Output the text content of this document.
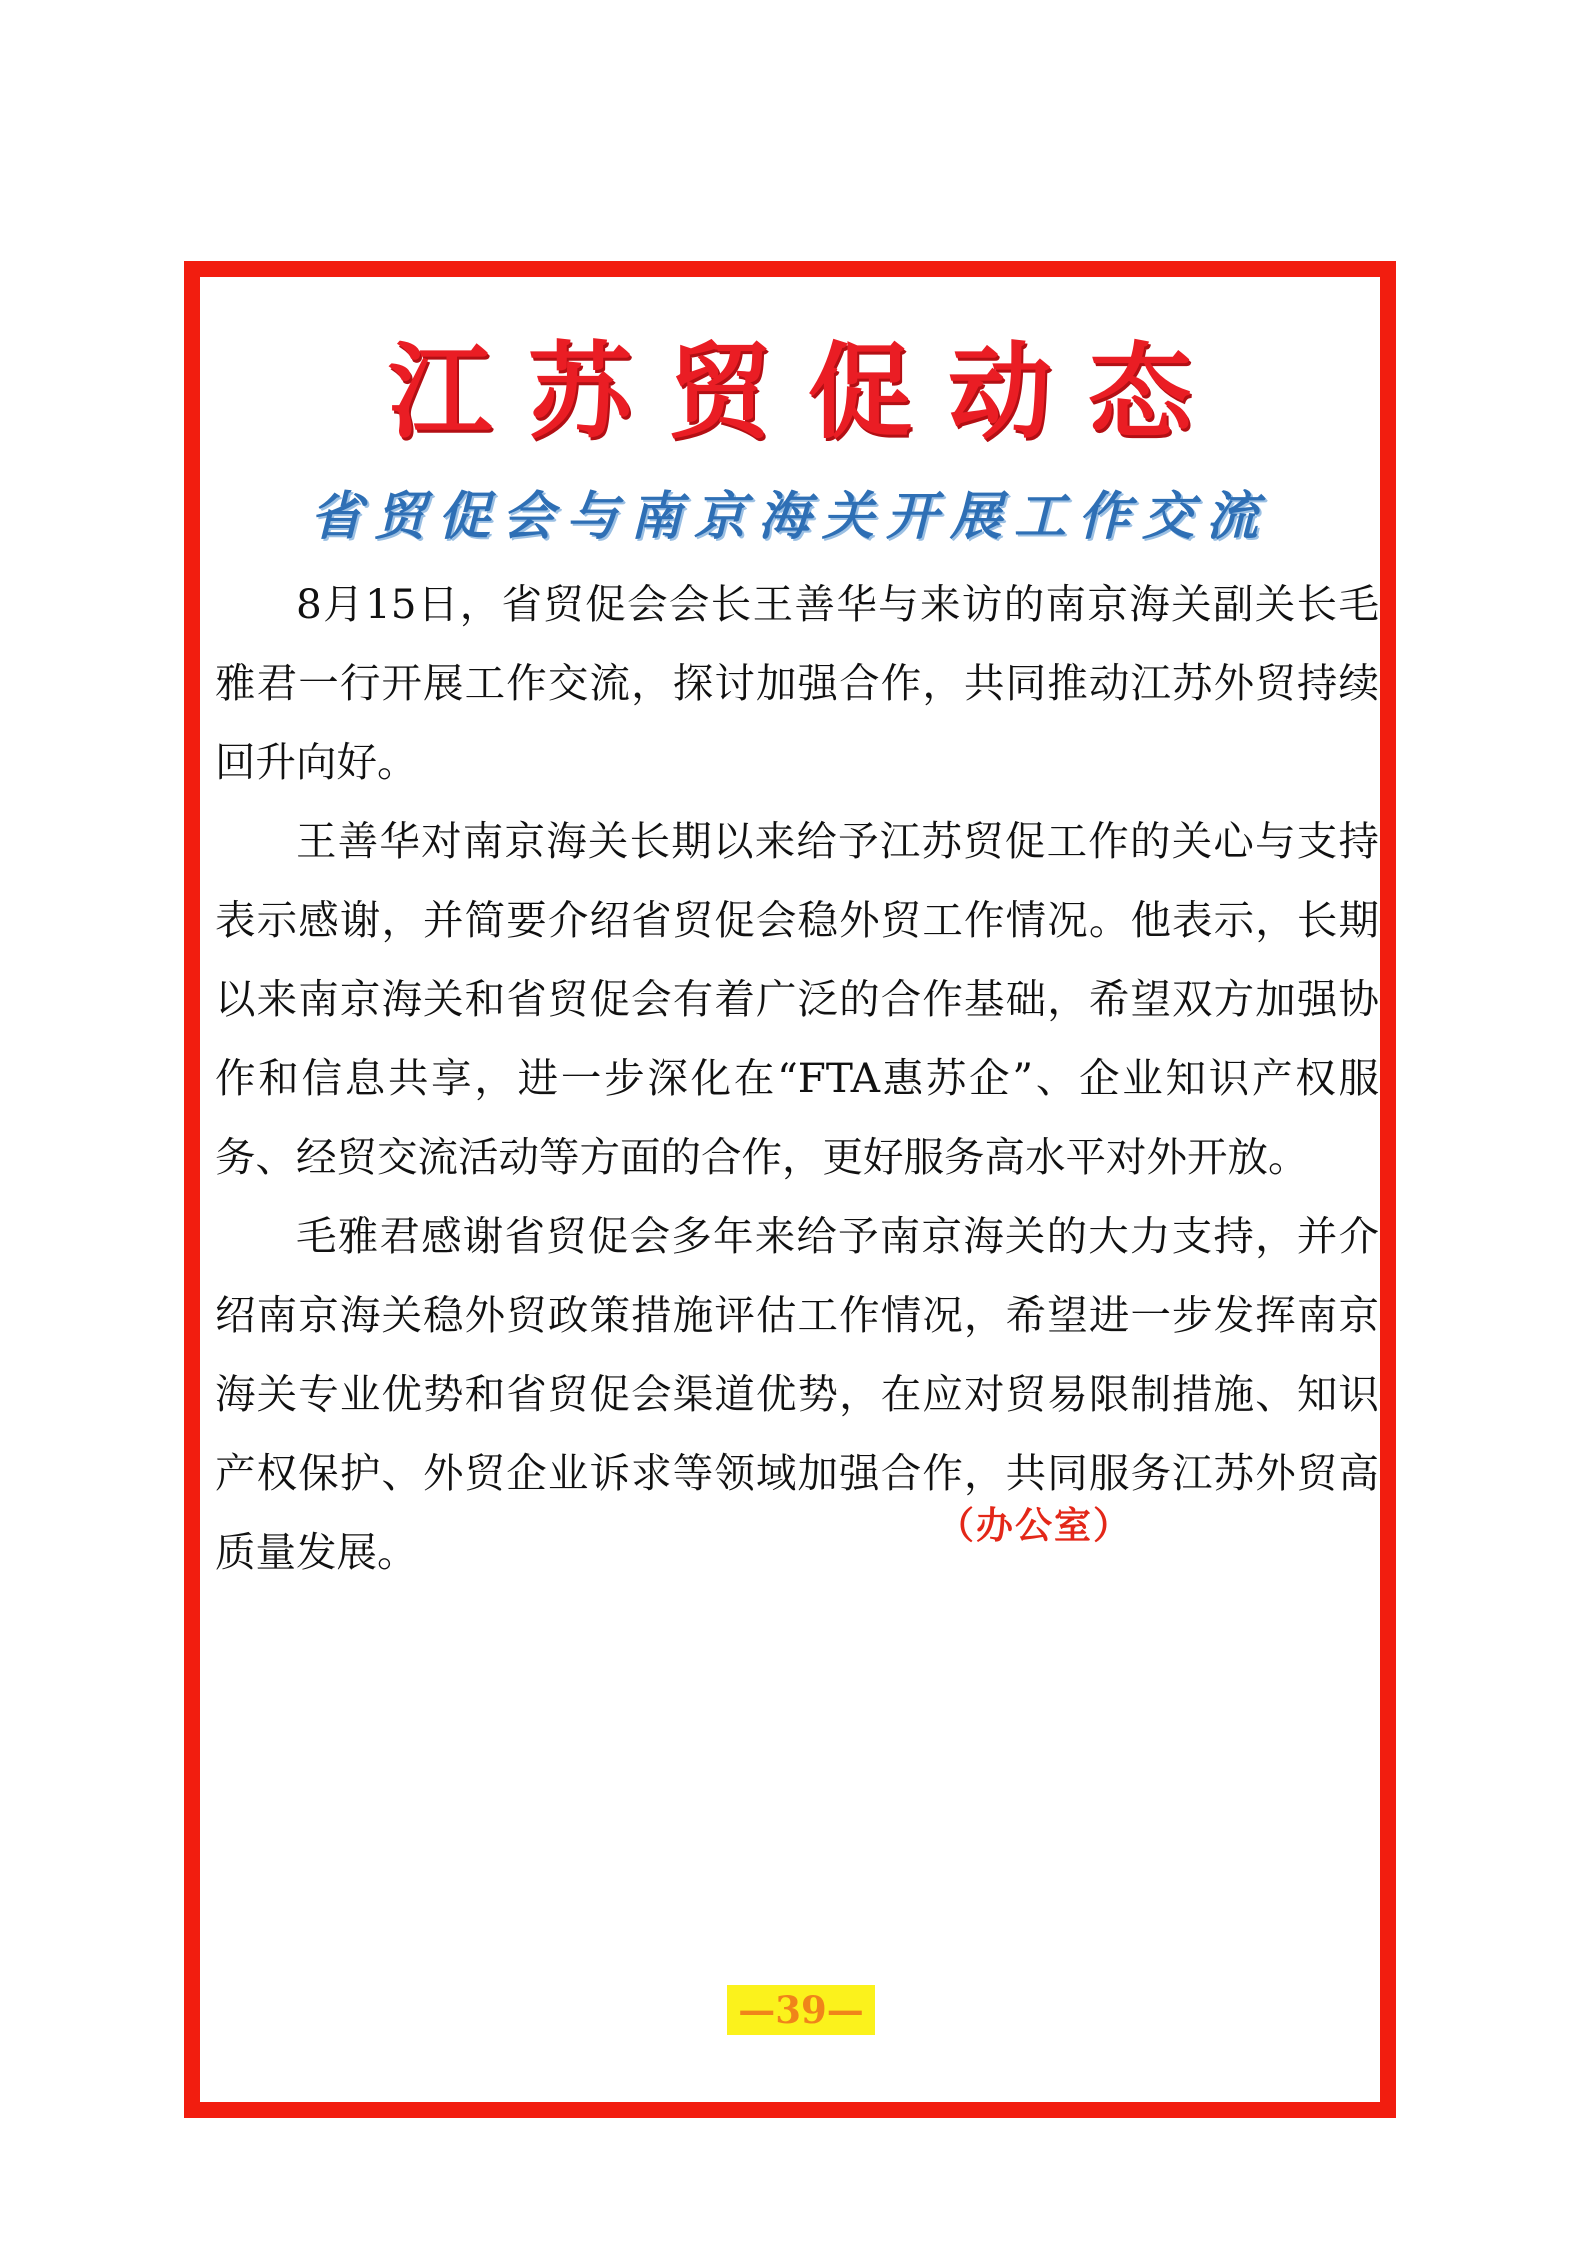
江苏贸促动态
省贸促会与南京海关开展工作交流

8月15日，省贸促会会长王善华与来访的南京海关副关长毛雅君一行开展工作交流，探讨加强合作，共同推动江苏外贸持续回升向好。

王善华对南京海关长期以来给予江苏贸促工作的关心与支持表示感谢，并简要介绍省贸促会稳外贸工作情况。他表示，长期以来南京海关和省贸促会有着广泛的合作基础，希望双方加强协作和信息共享，进一步深化在“FTA惠苏企”、企业知识产权服务、经贸交流活动等方面的合作，更好服务高水平对外开放。

毛雅君感谢省贸促会多年来给予南京海关的大力支持，并介绍南京海关稳外贸政策措施评估工作情况，希望进一步发挥南京海关专业优势和省贸促会渠道优势，在应对贸易限制措施、知识产权保护、外贸企业诉求等领域加强合作，共同服务江苏外贸高质量发展。

（办公室）
—39—
